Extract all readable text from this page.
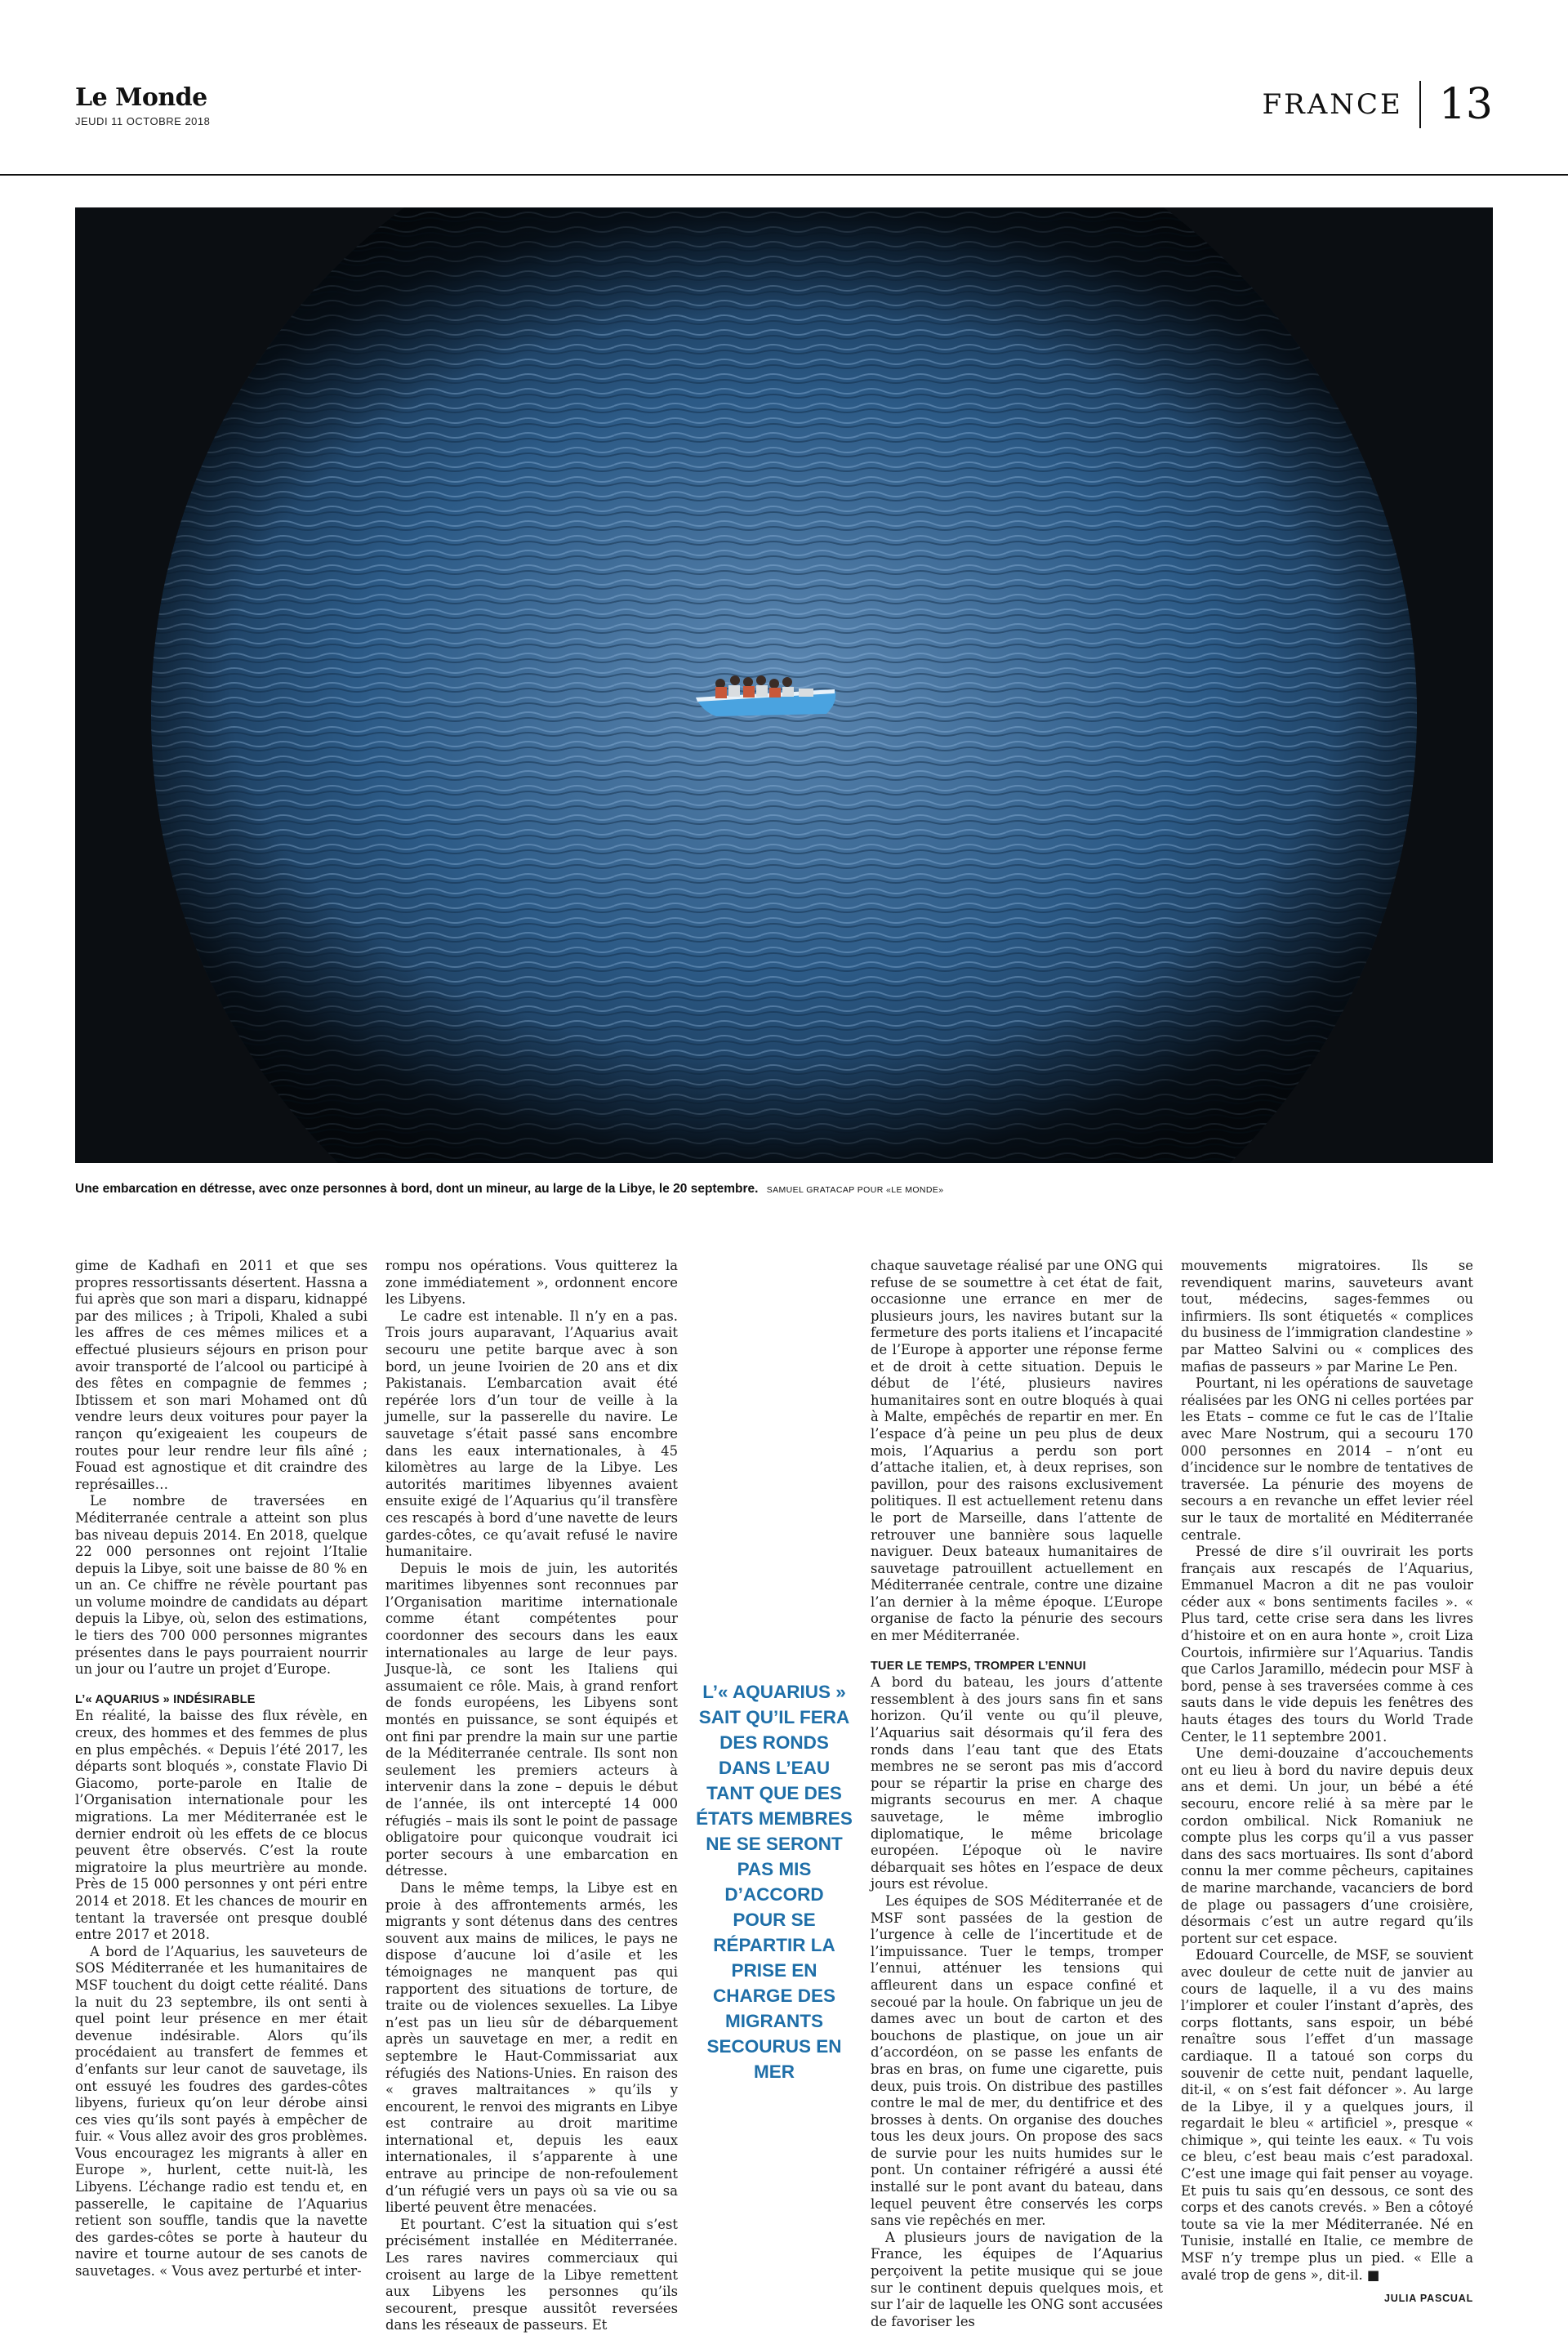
Le Monde
JEUDI 11 OCTOBRE 2018
FRANCE 13
Une embarcation en détresse, avec onze personnes à bord, dont un mineur, au large de la Libye, le 20 septembre. SAMUEL GRATACAP POUR «LE MONDE»

gime de Kadhafi en 2011 et que ses propres ressortissants désertent. Hassna a fui après que son mari a disparu, kidnappé par des milices ; à Tripoli, Khaled a subi les affres de ces mêmes milices et a effectué plusieurs séjours en prison pour avoir transporté de l’alcool ou participé à des fêtes en compagnie de femmes ; Ibtissem et son mari Mohamed ont dû vendre leurs deux voitures pour payer la rançon qu’exigeaient les coupeurs de routes pour leur rendre leur fils aîné ; Fouad est agnostique et dit craindre des représailles…

Le nombre de traversées en Méditerranée centrale a atteint son plus bas niveau depuis 2014. En 2018, quelque 22 000 personnes ont rejoint l’Italie depuis la Libye, soit une baisse de 80 % en un an. Ce chiffre ne révèle pourtant pas un volume moindre de candidats au départ depuis la Libye, où, selon des estimations, le tiers des 700 000 personnes migrantes présentes dans le pays pourraient nourrir un jour ou l’autre un projet d’Europe.

L’« AQUARIUS » INDÉSIRABLE

En réalité, la baisse des flux révèle, en creux, des hommes et des femmes de plus en plus empêchés. « Depuis l’été 2017, les départs sont bloqués », constate Flavio Di Giacomo, porte-parole en Italie de l’Organisation internationale pour les migrations. La mer Méditerranée est le dernier endroit où les effets de ce blocus peuvent être observés. C’est la route migratoire la plus meurtrière au monde. Près de 15 000 personnes y ont péri entre 2014 et 2018. Et les chances de mourir en tentant la traversée ont presque doublé entre 2017 et 2018.

A bord de l’Aquarius, les sauveteurs de SOS Méditerranée et les humanitaires de MSF touchent du doigt cette réalité. Dans la nuit du 23 septembre, ils ont senti à quel point leur présence en mer était devenue indésirable. Alors qu’ils procédaient au transfert de femmes et d’enfants sur leur canot de sauvetage, ils ont essuyé les foudres des gardes-côtes libyens, furieux qu’on leur dérobe ainsi ces vies qu’ils sont payés à empêcher de fuir. « Vous allez avoir des gros problèmes. Vous encouragez les migrants à aller en Europe », hurlent, cette nuit-là, les Libyens. L’échange radio est tendu et, en passerelle, le capitaine de l’Aquarius retient son souffle, tandis que la navette des gardes-côtes se porte à hauteur du navire et tourne autour de ses canots de sauvetages. « Vous avez perturbé et inter-

rompu nos opérations. Vous quitterez la zone immédiatement », ordonnent encore les Libyens.

Le cadre est intenable. Il n’y en a pas. Trois jours auparavant, l’Aquarius avait secouru une petite barque avec à son bord, un jeune Ivoirien de 20 ans et dix Pakistanais. L’embarcation avait été repérée lors d’un tour de veille à la jumelle, sur la passerelle du navire. Le sauvetage s’était passé sans encombre dans les eaux internationales, à 45 kilomètres au large de la Libye. Les autorités maritimes libyennes avaient ensuite exigé de l’Aquarius qu’il transfère ces rescapés à bord d’une navette de leurs gardes-côtes, ce qu’avait refusé le navire humanitaire.

Depuis le mois de juin, les autorités maritimes libyennes sont reconnues par l’Organisation maritime internationale comme étant compétentes pour coordonner des secours dans les eaux internationales au large de leur pays. Jusque-là, ce sont les Italiens qui assumaient ce rôle. Mais, à grand renfort de fonds européens, les Libyens sont montés en puissance, se sont équipés et ont fini par prendre la main sur une partie de la Méditerranée centrale. Ils sont non seulement les premiers acteurs à intervenir dans la zone – depuis le début de l’année, ils ont intercepté 14 000 réfugiés – mais ils sont le point de passage obligatoire pour quiconque voudrait ici porter secours à une embarcation en détresse.

Dans le même temps, la Libye est en proie à des affrontements armés, les migrants y sont détenus dans des centres souvent aux mains de milices, le pays ne dispose d’aucune loi d’asile et les témoignages ne manquent pas qui rapportent des situations de torture, de traite ou de violences sexuelles. La Libye n’est pas un lieu sûr de débarquement après un sauvetage en mer, a redit en septembre le Haut-Commissariat aux réfugiés des Nations-Unies. En raison des « graves maltraitances » qu’ils y encourent, le renvoi des migrants en Libye est contraire au droit maritime international et, depuis les eaux internationales, il s’apparente à une entrave au principe de non-refoulement d’un réfugié vers un pays où sa vie ou sa liberté peuvent être menacées.

Et pourtant. C’est la situation qui s’est précisément installée en Méditerranée. Les rares navires commerciaux qui croisent au large de la Libye remettent aux Libyens les personnes qu’ils secourent, presque aussitôt reversées dans les réseaux de passeurs. Et

L’« AQUARIUS » SAIT QU’IL FERA DES RONDS DANS L’EAU TANT QUE DES ÉTATS MEMBRES NE SE SERONT PAS MIS D’ACCORD POUR SE RÉPARTIR LA PRISE EN CHARGE DES MIGRANTS SECOURUS EN MER

chaque sauvetage réalisé par une ONG qui refuse de se soumettre à cet état de fait, occasionne une errance en mer de plusieurs jours, les navires butant sur la fermeture des ports italiens et l’incapacité de l’Europe à apporter une réponse ferme et de droit à cette situation. Depuis le début de l’été, plusieurs navires humanitaires sont en outre bloqués à quai à Malte, empêchés de repartir en mer. En l’espace d’à peine un peu plus de deux mois, l’Aquarius a perdu son port d’attache italien, et, à deux reprises, son pavillon, pour des raisons exclusivement politiques. Il est actuellement retenu dans le port de Marseille, dans l’attente de retrouver une bannière sous laquelle naviguer. Deux bateaux humanitaires de sauvetage patrouillent actuellement en Méditerranée centrale, contre une dizaine l’an dernier à la même époque. L’Europe organise de facto la pénurie des secours en mer Méditerranée.

TUER LE TEMPS, TROMPER L’ENNUI

A bord du bateau, les jours d’attente ressemblent à des jours sans fin et sans horizon. Qu’il vente ou qu’il pleuve, l’Aquarius sait désormais qu’il fera des ronds dans l’eau tant que des Etats membres ne se seront pas mis d’accord pour se répartir la prise en charge des migrants secourus en mer. A chaque sauvetage, le même imbroglio diplomatique, le même bricolage européen. L’époque où le navire débarquait ses hôtes en l’espace de deux jours est révolue.

Les équipes de SOS Méditerranée et de MSF sont passées de la gestion de l’urgence à celle de l’incertitude et de l’impuissance. Tuer le temps, tromper l’ennui, atténuer les tensions qui affleurent dans un espace confiné et secoué par la houle. On fabrique un jeu de dames avec un bout de carton et des bouchons de plastique, on joue un air d’accordéon, on se passe les enfants de bras en bras, on fume une cigarette, puis deux, puis trois. On distribue des pastilles contre le mal de mer, du dentifrice et des brosses à dents. On organise des douches tous les deux jours. On propose des sacs de survie pour les nuits humides sur le pont. Un container réfrigéré a aussi été installé sur le pont avant du bateau, dans lequel peuvent être conservés les corps sans vie repêchés en mer.

A plusieurs jours de navigation de la France, les équipes de l’Aquarius perçoivent la petite musique qui se joue sur le continent depuis quelques mois, et sur l’air de laquelle les ONG sont accusées de favoriser les

mouvements migratoires. Ils se revendiquent marins, sauveteurs avant tout, médecins, sages-femmes ou infirmiers. Ils sont étiquetés « complices du business de l’immigration clandestine » par Matteo Salvini ou « complices des mafias de passeurs » par Marine Le Pen.

Pourtant, ni les opérations de sauvetage réalisées par les ONG ni celles portées par les Etats – comme ce fut le cas de l’Italie avec Mare Nostrum, qui a secouru 170 000 personnes en 2014 – n’ont eu d’incidence sur le nombre de tentatives de traversée. La pénurie des moyens de secours a en revanche un effet levier réel sur le taux de mortalité en Méditerranée centrale.

Pressé de dire s’il ouvrirait les ports français aux rescapés de l’Aquarius, Emmanuel Macron a dit ne pas vouloir céder aux « bons sentiments faciles ». « Plus tard, cette crise sera dans les livres d’histoire et on en aura honte », croit Liza Courtois, infirmière sur l’Aquarius. Tandis que Carlos Jaramillo, médecin pour MSF à bord, pense à ses traversées comme à ces sauts dans le vide depuis les fenêtres des hauts étages des tours du World Trade Center, le 11 septembre 2001.

Une demi-douzaine d’accouchements ont eu lieu à bord du navire depuis deux ans et demi. Un jour, un bébé a été secouru, encore relié à sa mère par le cordon ombilical. Nick Romaniuk ne compte plus les corps qu’il a vus passer dans des sacs mortuaires. Ils sont d’abord connu la mer comme pêcheurs, capitaines de marine marchande, vacanciers de bord de plage ou passagers d’une croisière, désormais c’est un autre regard qu’ils portent sur cet espace.

Edouard Courcelle, de MSF, se souvient avec douleur de cette nuit de janvier au cours de laquelle, il a vu des mains l’implorer et couler l’instant d’après, des corps flottants, sans espoir, un bébé renaître sous l’effet d’un massage cardiaque. Il a tatoué son corps du souvenir de cette nuit, pendant laquelle, dit-il, « on s’est fait défoncer ». Au large de la Libye, il y a quelques jours, il regardait le bleu « artificiel », presque « chimique », qui teinte les eaux. « Tu vois ce bleu, c’est beau mais c’est paradoxal. C’est une image qui fait penser au voyage. Et puis tu sais qu’en dessous, ce sont des corps et des canots crevés. » Ben a côtoyé toute sa vie la mer Méditerranée. Né en Tunisie, installé en Italie, ce membre de MSF n’y trempe plus un pied. « Elle a avalé trop de gens », dit-il. ■

JULIA PASCUAL
